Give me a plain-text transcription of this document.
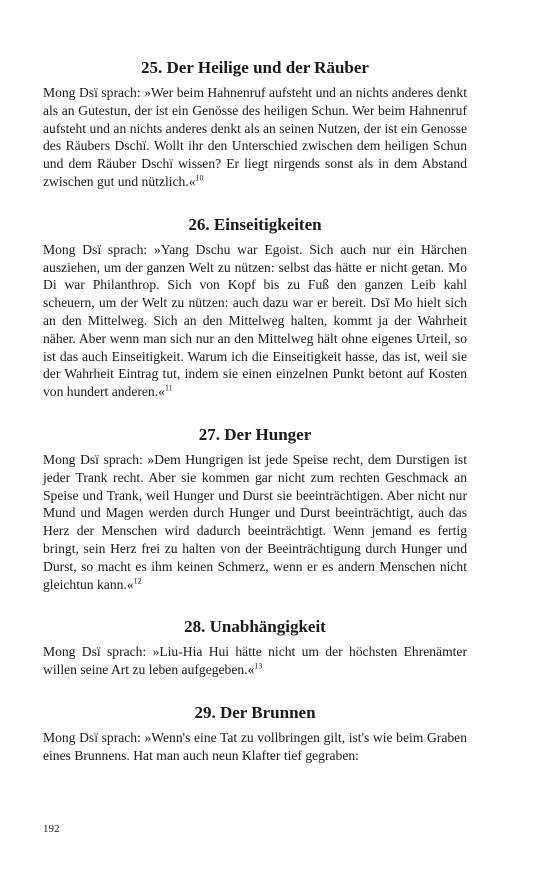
25. Der Heilige und der Räuber

Mong Dsï sprach: »Wer beim Hahnenruf aufsteht und an nichts anderes denkt als an Gutestun, der ist ein Genösse des heiligen Schun. Wer beim Hahnenruf aufsteht und an nichts anderes denkt als an seinen Nutzen, der ist ein Genosse des Räubers Dschï. Wollt ihr den Unterschied zwischen dem heiligen Schun und dem Räuber Dschï wissen? Er liegt nirgends sonst als in dem Abstand zwischen gut und nützlich.«$^{10}$

26. Einseitigkeiten

Mong Dsï sprach: »Yang Dschu war Egoist. Sich auch nur ein Härchen ausziehen, um der ganzen Welt zu nützen: selbst das hätte er nicht getan. Mo Di war Philanthrop. Sich von Kopf bis zu Fuß den ganzen Leib kahl scheuern, um der Welt zu nützen: auch dazu war er bereit. Dsï Mo hielt sich an den Mittelweg. Sich an den Mittelweg halten, kommt ja der Wahrheit näher. Aber wenn man sich nur an den Mittelweg hält ohne eigenes Urteil, so ist das auch Einseitigkeit. Warum ich die Einseitigkeit hasse, das ist, weil sie der Wahrheit Eintrag tut, indem sie einen einzelnen Punkt betont auf Kosten von hundert anderen.«$^{11}$

27. Der Hunger

Mong Dsï sprach: »Dem Hungrigen ist jede Speise recht, dem Durstigen ist jeder Trank recht. Aber sie kommen gar nicht zum rechten Geschmack an Speise und Trank, weil Hunger und Durst sie beeinträchtigen. Aber nicht nur Mund und Magen werden durch Hunger und Durst beeinträchtigt, auch das Herz der Menschen wird dadurch beeinträchtigt. Wenn jemand es fertig bringt, sein Herz frei zu halten von der Beeinträchtigung durch Hunger und Durst, so macht es ihm keinen Schmerz, wenn er es andern Menschen nicht gleichtun kann.«$^{12}$

28. Unabhängigkeit

Mong Dsï sprach: »Liu-Hia Hui hätte nicht um der höchsten Ehrenämter willen seine Art zu leben aufgegeben.«$^{13}$

29. Der Brunnen

Mong Dsï sprach: »Wenn's eine Tat zu vollbringen gilt, ist's wie beim Graben eines Brunnens. Hat man auch neun Klafter tief gegraben:

192
